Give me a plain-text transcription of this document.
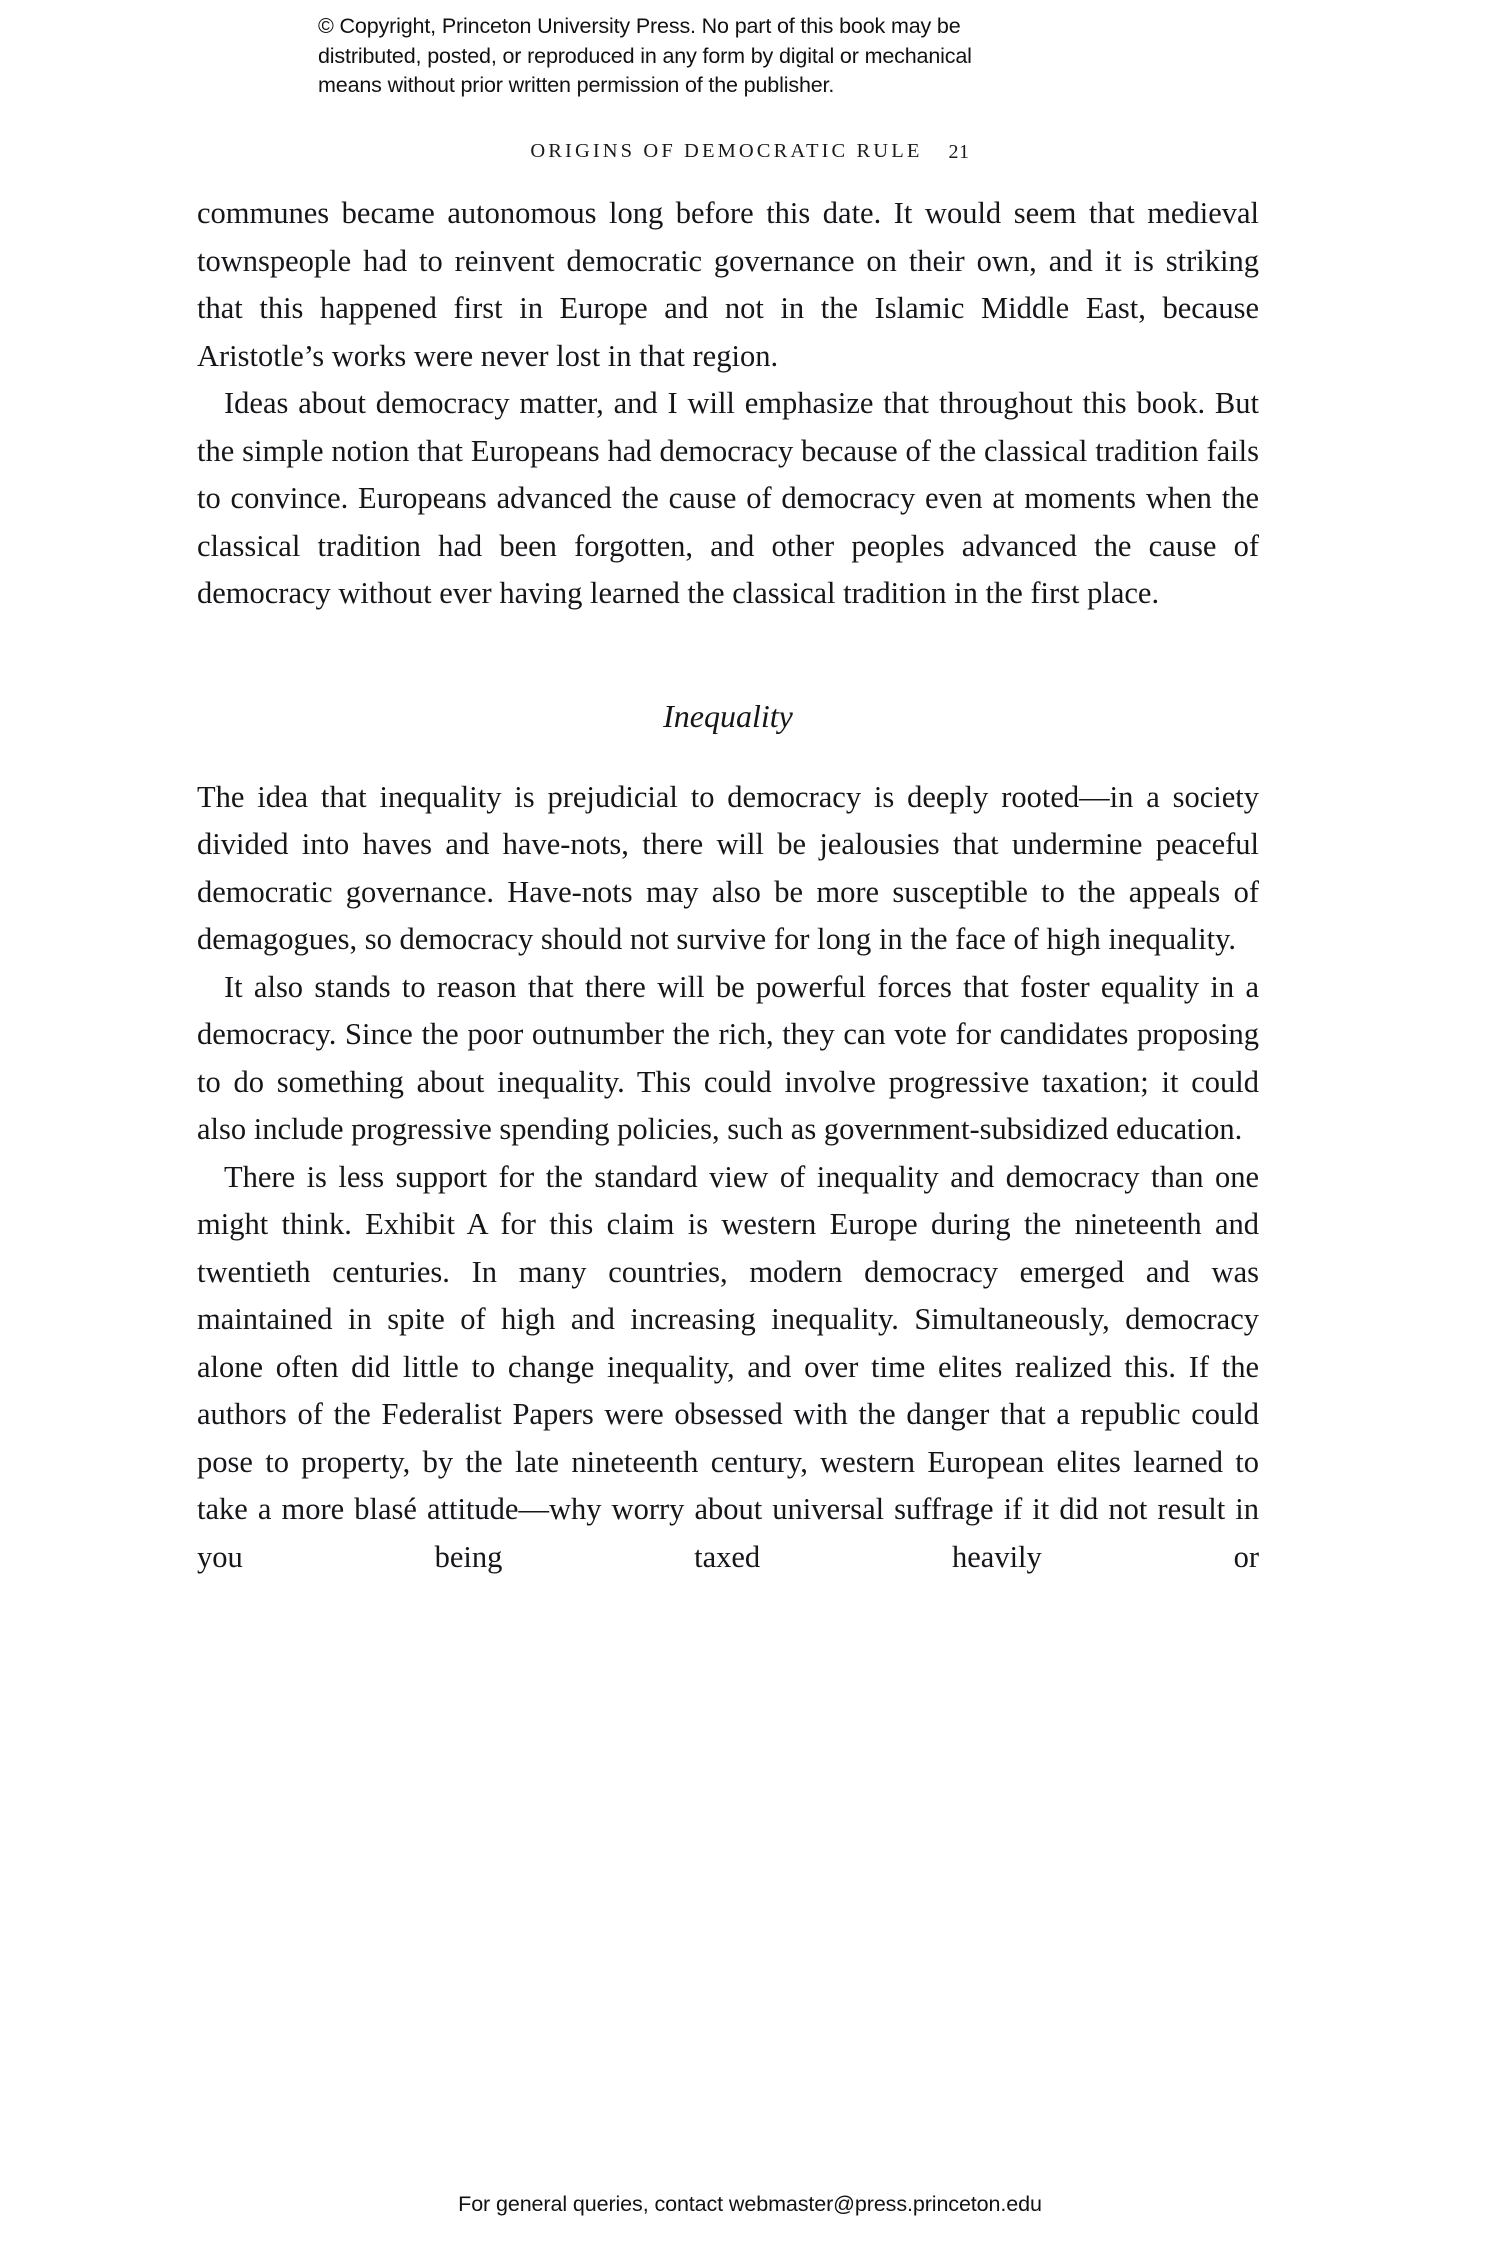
© Copyright, Princeton University Press. No part of this book may be
distributed, posted, or reproduced in any form by digital or mechanical
means without prior written permission of the publisher.
ORIGINS OF DEMOCRATIC RULE 21

communes became autonomous long before this date. It would seem that medieval townspeople had to reinvent democratic governance on their own, and it is striking that this happened first in Europe and not in the Islamic Middle East, because Aristotle’s works were never lost in that region.

Ideas about democracy matter, and I will emphasize that throughout this book. But the simple notion that Europeans had democracy because of the classical tradition fails to convince. Europeans advanced the cause of democracy even at moments when the classical tradition had been forgotten, and other peoples advanced the cause of democracy without ever having learned the classical tradition in the first place.

Inequality

The idea that inequality is prejudicial to democracy is deeply rooted—in a society divided into haves and have-nots, there will be jealousies that undermine peaceful democratic governance. Have-nots may also be more susceptible to the appeals of demagogues, so democracy should not survive for long in the face of high inequality.

It also stands to reason that there will be powerful forces that foster equality in a democracy. Since the poor outnumber the rich, they can vote for candidates proposing to do something about inequality. This could involve progressive taxation; it could also include progressive spending policies, such as government-subsidized education.

There is less support for the standard view of inequality and democracy than one might think. Exhibit A for this claim is western Europe during the nineteenth and twentieth centuries. In many countries, modern democracy emerged and was maintained in spite of high and increasing inequality. Simultaneously, democracy alone often did little to change inequality, and over time elites realized this. If the authors of the Federalist Papers were obsessed with the danger that a republic could pose to property, by the late nineteenth century, western European elites learned to take a more blasé attitude—why worry about universal suffrage if it did not result in you being taxed heavily or

For general queries, contact webmaster@press.princeton.edu
